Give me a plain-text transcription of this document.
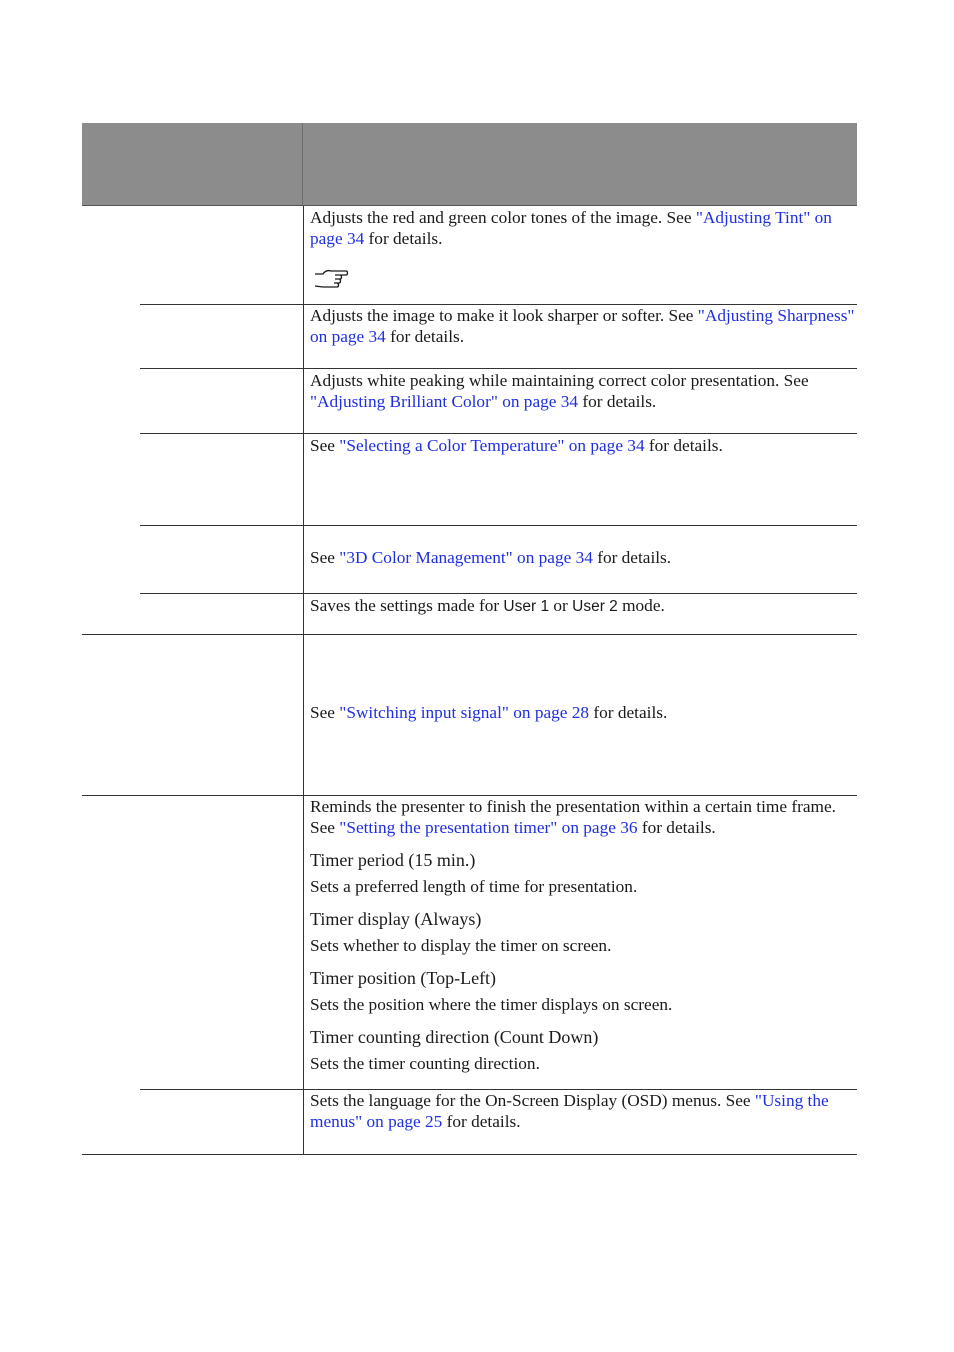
Adjusts the red and green color tones of the image. See "Adjusting Tint" on page 34 for details.

Adjusts the image to make it look sharper or softer. See "Adjusting Sharpness" on page 34 for details.

Adjusts white peaking while maintaining correct color presentation. See "Adjusting Brilliant Color" on page 34 for details.

See "Selecting a Color Temperature" on page 34 for details.

See "3D Color Management" on page 34 for details.

Saves the settings made for User 1 or User 2 mode.

See "Switching input signal" on page 28 for details.

Reminds the presenter to finish the presentation within a certain time frame. See "Setting the presentation timer" on page 36 for details.

Timer period (15 min.)

Sets a preferred length of time for presentation.

Timer display (Always)

Sets whether to display the timer on screen.

Timer position (Top-Left)

Sets the position where the timer displays on screen.

Timer counting direction (Count Down)

Sets the timer counting direction.

Sets the language for the On-Screen Display (OSD) menus. See "Using the menus" on page 25 for details.
